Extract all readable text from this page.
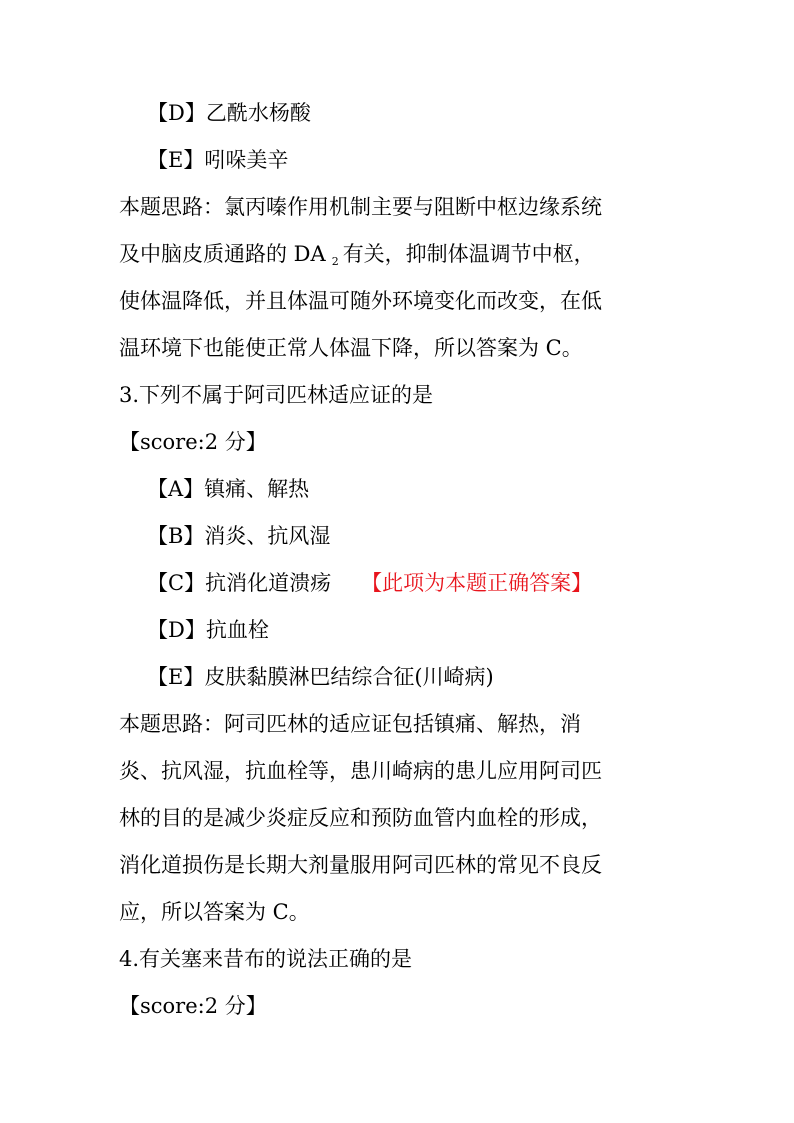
【D】乙酰水杨酸
【E】吲哚美辛
本题思路：氯丙嗪作用机制主要与阻断中枢边缘系统
及中脑皮质通路的 DA $_2$ 有关，抑制体温调节中枢，
使体温降低，并且体温可随外环境变化而改变，在低
温环境下也能使正常人体温下降，所以答案为 C。
3.下列不属于阿司匹林适应证的是
【score:2 分】
【A】镇痛、解热
【B】消炎、抗风湿
【C】抗消化道溃疡 【此项为本题正确答案】
【D】抗血栓
【E】皮肤黏膜淋巴结综合征(川崎病)
本题思路：阿司匹林的适应证包括镇痛、解热，消
炎、抗风湿，抗血栓等，患川崎病的患儿应用阿司匹
林的目的是减少炎症反应和预防血管内血栓的形成，
消化道损伤是长期大剂量服用阿司匹林的常见不良反
应，所以答案为 C。
4.有关塞来昔布的说法正确的是
【score:2 分】
